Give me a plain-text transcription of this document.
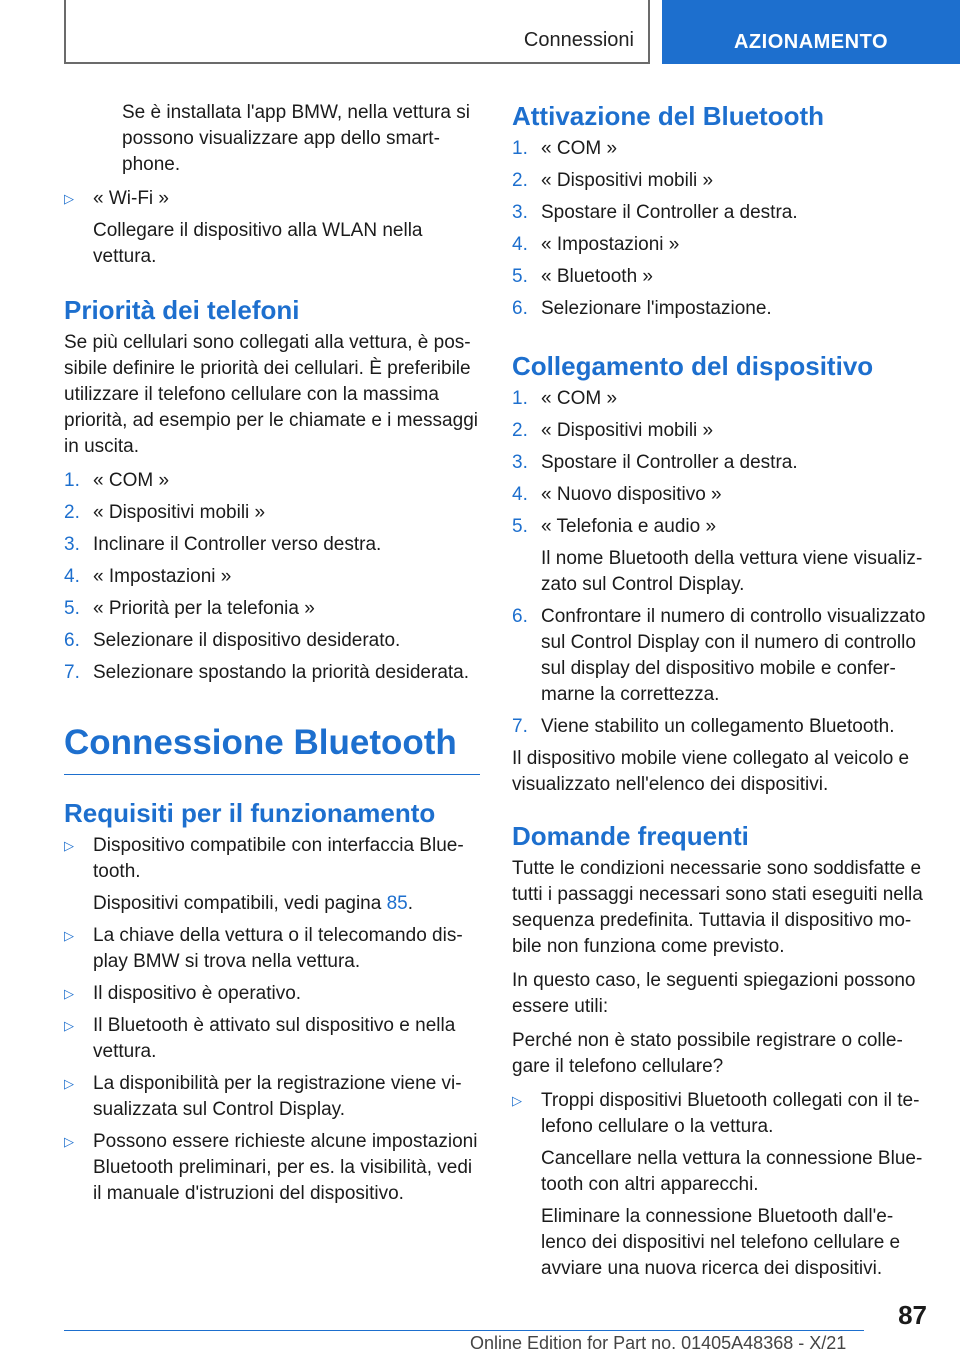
Connessioni	AZIONAMENTO

Se è installata l'app BMW, nella vettura si possono visualizzare app dello smartphone.

▷	« Wi-Fi »

Collegare il dispositivo alla WLAN nella vettura.

Priorità dei telefoni

Se più cellulari sono collegati alla vettura, è possibile definire le priorità dei cellulari. È preferibile utilizzare il telefono cellulare con la massima priorità, ad esempio per le chiamate e i messaggi in uscita.

1. « COM »

2. « Dispositivi mobili »

3. Inclinare il Controller verso destra.

4. « Impostazioni »

5. « Priorità per la telefonia »

6. Selezionare il dispositivo desiderato.

7. Selezionare spostando la priorità desiderata.

Connessione Bluetooth
Requisiti per il funzionamento
▷	Dispositivo compatibile con interfaccia Bluetooth.

Dispositivi compatibili, vedi pagina 85.

▷	La chiave della vettura o il telecomando display BMW si trova nella vettura.

▷	Il dispositivo è operativo.

▷	Il Bluetooth è attivato sul dispositivo e nella vettura.

▷	La disponibilità per la registrazione viene visualizzata sul Control Display.

▷	Possono essere richieste alcune impostazioni Bluetooth preliminari, per es. la visibilità, vedi il manuale d'istruzioni del dispositivo.

Attivazione del Bluetooth
1. « COM »

2. « Dispositivi mobili »

3. Spostare il Controller a destra.

4. « Impostazioni »

5. « Bluetooth »

6. Selezionare l'impostazione.

Collegamento del dispositivo
1. « COM »

2. « Dispositivi mobili »

3. Spostare il Controller a destra.

4. « Nuovo dispositivo »

5. « Telefonia e audio »

Il nome Bluetooth della vettura viene visualizzato sul Control Display.

6. Confrontare il numero di controllo visualizzato sul Control Display con il numero di controllo sul display del dispositivo mobile e confermarne la correttezza.

7. Viene stabilito un collegamento Bluetooth.

Il dispositivo mobile viene collegato al veicolo e visualizzato nell'elenco dei dispositivi.

Domande frequenti

Tutte le condizioni necessarie sono soddisfatte e tutti i passaggi necessari sono stati eseguiti nella sequenza predefinita. Tuttavia il dispositivo mobile non funziona come previsto.

In questo caso, le seguenti spiegazioni possono essere utili:

Perché non è stato possibile registrare o collegare il telefono cellulare?

▷	Troppi dispositivi Bluetooth collegati con il telefono cellulare o la vettura.

Cancellare nella vettura la connessione Bluetooth con altri apparecchi.

Eliminare la connessione Bluetooth dall'elenco dei dispositivi nel telefono cellulare e avviare una nuova ricerca dei dispositivi.

87
Online Edition for Part no. 01405A48368 - X/21
